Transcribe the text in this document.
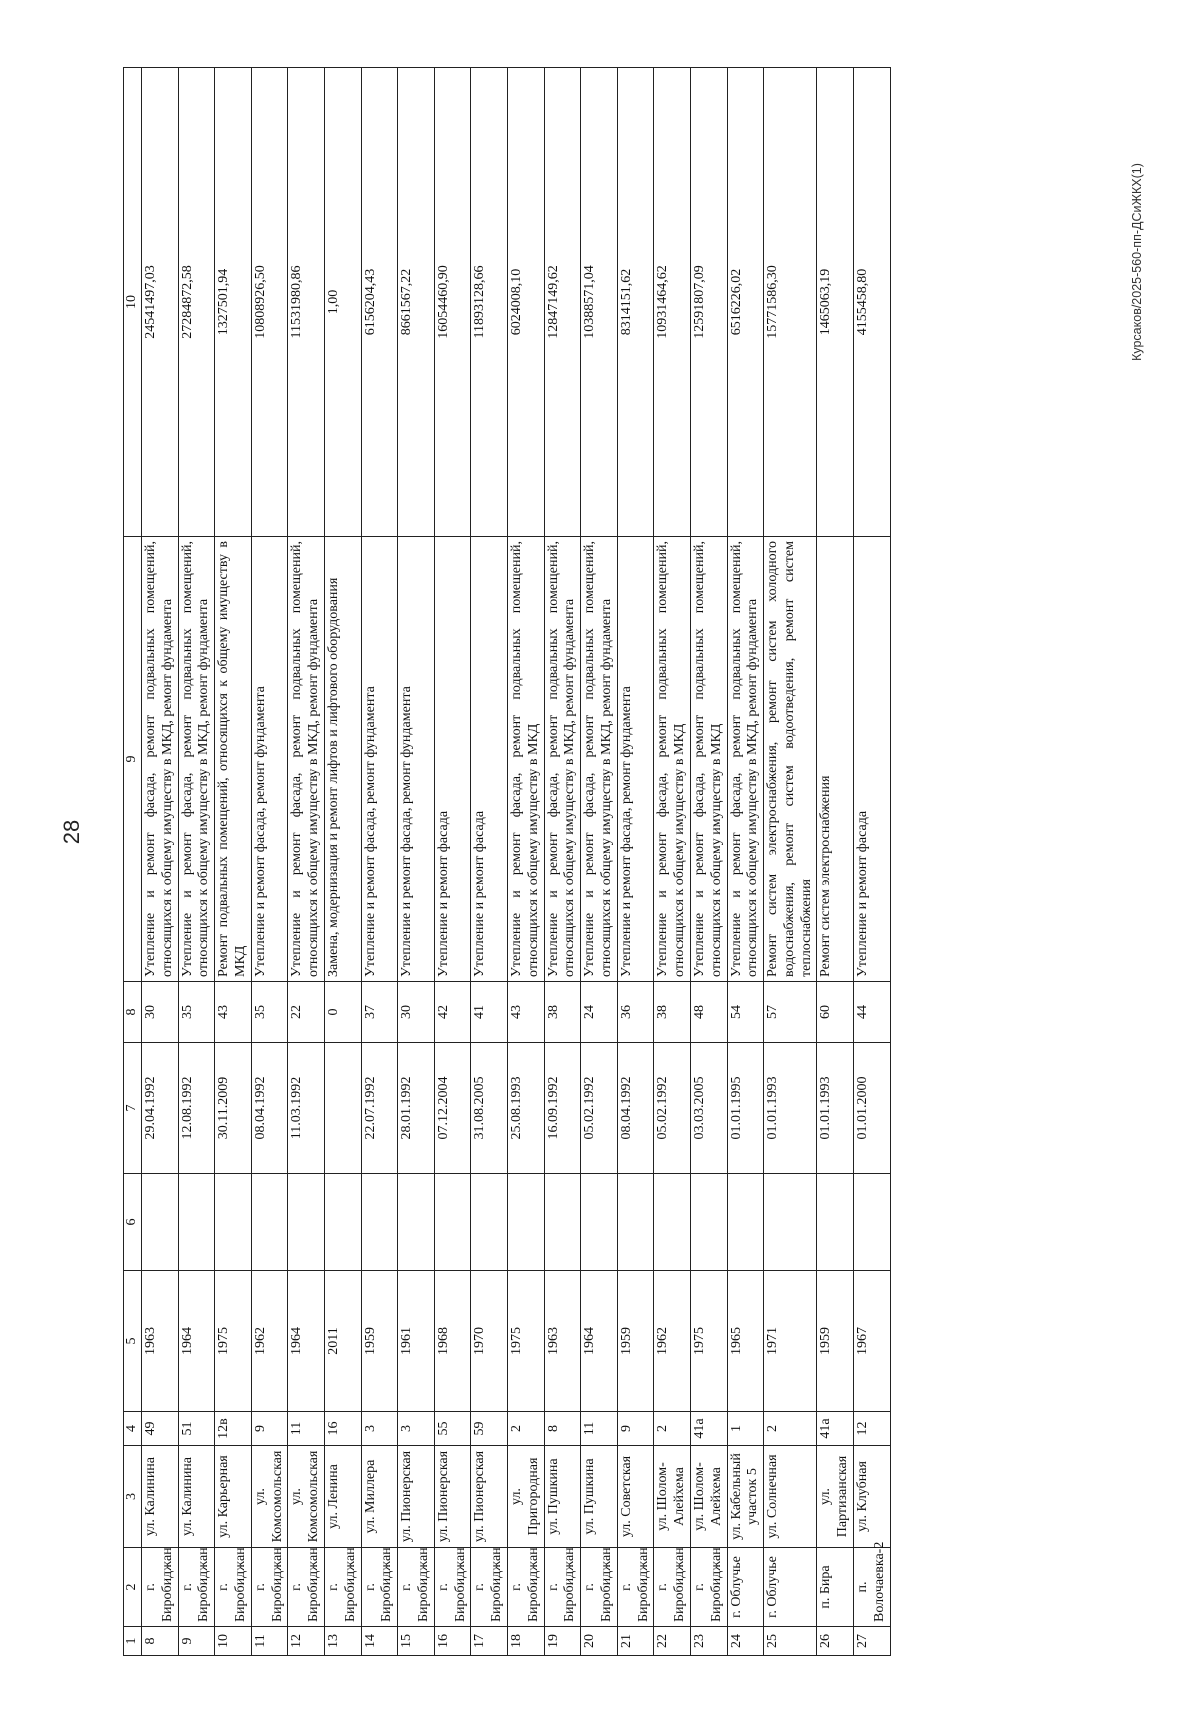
28
Курсаков/2025-560-пп-ДСиЖКХ(1)
1	2	3	4	5	6	7	8	9	10
8	г. Биробиджан	ул. Калинина	49	1963		29.04.1992	30	Утепление и ремонт фасада, ремонт подвальных помещений, относящихся к общему имуществу в МКД, ремонт фундамента	24541497,03
9	г. Биробиджан	ул. Калинина	51	1964		12.08.1992	35	Утепление и ремонт фасада, ремонт подвальных помещений, относящихся к общему имуществу в МКД, ремонт фундамента	27284872,58
10	г. Биробиджан	ул. Карьерная	12в	1975		30.11.2009	43	Ремонт подвальных помещений, относящихся к общему имуществу в МКД	1327501,94
11	г. Биробиджан	ул. Комсомольская	9	1962		08.04.1992	35	Утепление и ремонт фасада, ремонт фундамента	10808926,50
12	г. Биробиджан	ул. Комсомольская	11	1964		11.03.1992	22	Утепление и ремонт фасада, ремонт подвальных помещений, относящихся к общему имуществу в МКД, ремонт фундамента	11531980,86
13	г. Биробиджан	ул. Ленина	16	2011			0	Замена, модернизация и ремонт лифтов и лифтового оборудования	1,00
14	г. Биробиджан	ул. Миллера	3	1959		22.07.1992	37	Утепление и ремонт фасада, ремонт фундамента	6156204,43
15	г. Биробиджан	ул. Пионерская	3	1961		28.01.1992	30	Утепление и ремонт фасада, ремонт фундамента	8661567,22
16	г. Биробиджан	ул. Пионерская	55	1968		07.12.2004	42	Утепление и ремонт фасада	16054460,90
17	г. Биробиджан	ул. Пионерская	59	1970		31.08.2005	41	Утепление и ремонт фасада	11893128,66
18	г. Биробиджан	ул. Пригородная	2	1975		25.08.1993	43	Утепление и ремонт фасада, ремонт подвальных помещений, относящихся к общему имуществу в МКД	6024008,10
19	г. Биробиджан	ул. Пушкина	8	1963		16.09.1992	38	Утепление и ремонт фасада, ремонт подвальных помещений, относящихся к общему имуществу в МКД, ремонт фундамента	12847149,62
20	г. Биробиджан	ул. Пушкина	11	1964		05.02.1992	24	Утепление и ремонт фасада, ремонт подвальных помещений, относящихся к общему имуществу в МКД, ремонт фундамента	10388571,04
21	г. Биробиджан	ул. Советская	9	1959		08.04.1992	36	Утепление и ремонт фасада, ремонт фундамента	8314151,62
22	г. Биробиджан	ул. Шолом-Алейхема	2	1962		05.02.1992	38	Утепление и ремонт фасада, ремонт подвальных помещений, относящихся к общему имуществу в МКД	10931464,62
23	г. Биробиджан	ул. Шолом-Алейхема	41а	1975		03.03.2005	48	Утепление и ремонт фасада, ремонт подвальных помещений, относящихся к общему имуществу в МКД	12591807,09
24	г. Облучье	ул. Кабельный участок 5	1	1965		01.01.1995	54	Утепление и ремонт фасада, ремонт подвальных помещений, относящихся к общему имуществу в МКД, ремонт фундамента	6516226,02
25	г. Облучье	ул. Солнечная	2	1971		01.01.1993	57	Ремонт систем электроснабжения, ремонт систем холодного водоснабжения, ремонт систем водоотведения, ремонт систем теплоснабжения	15771586,30
26	п. Бира	ул. Партизанская	41а	1959		01.01.1993	60	Ремонт систем электроснабжения	1465063,19
27	п. Волочаевка-2	ул. Клубная	12	1967		01.01.2000	44	Утепление и ремонт фасада	4155458,80
